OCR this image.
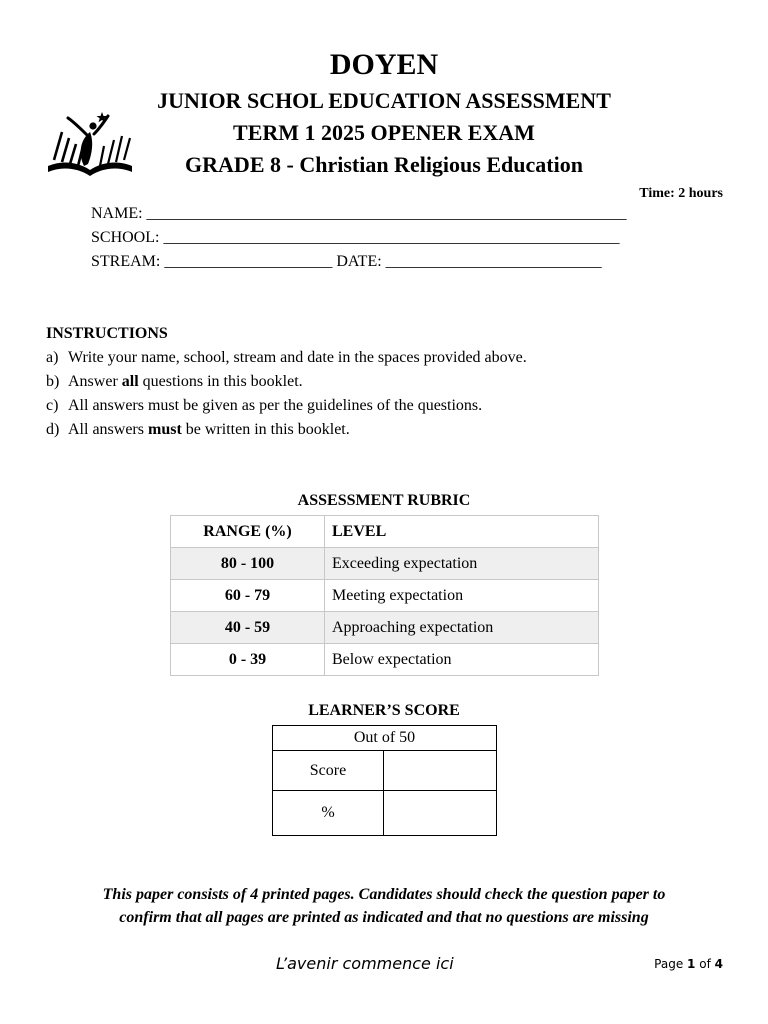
DOYEN
JUNIOR SCHOL EDUCATION ASSESSMENT
TERM 1 2025 OPENER EXAM
GRADE 8 - Christian Religious Education
Time: 2 hours
NAME: ____________________________________________________________
SCHOOL: _________________________________________________________
STREAM: _____________________ DATE: ___________________________
INSTRUCTIONS
a) Write your name, school, stream and date in the spaces provided above.
b) Answer all questions in this booklet.
c) All answers must be given as per the guidelines of the questions.
d) All answers must be written in this booklet.
ASSESSMENT RUBRIC
RANGE (%)	LEVEL
80 - 100	Exceeding expectation
60 - 79	Meeting expectation
40 - 59	Approaching expectation
0 - 39	Below expectation
LEARNER’S SCORE
Out of 50	
Score	
%	
This paper consists of 4 printed pages. Candidates should check the question paper to
confirm that all pages are printed as indicated and that no questions are missing
L’avenir commence ici	Page 1 of 4
